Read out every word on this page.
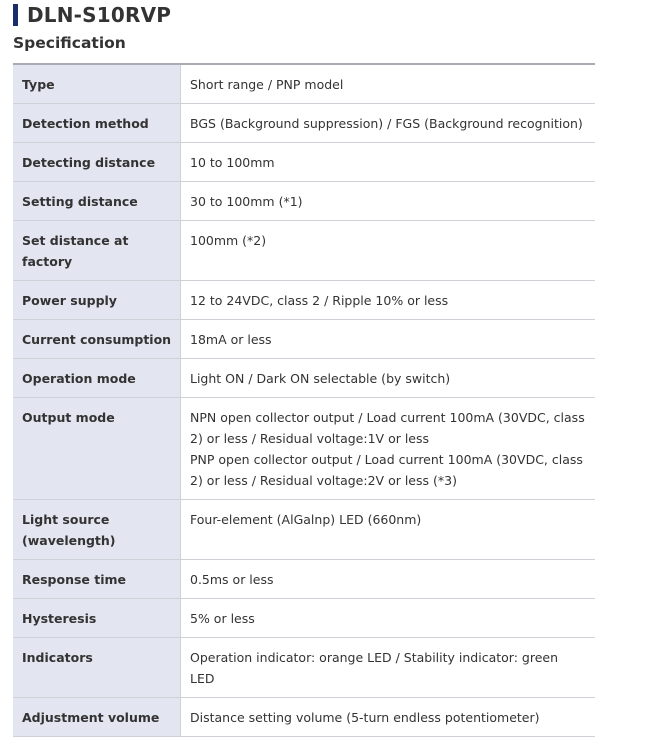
DLN-S10RVP
Specification
Type	Short range / PNP model
Detection method	BGS (Background suppression) / FGS (Background recognition)
Detecting distance	10 to 100mm
Setting distance	30 to 100mm (*1)
Set distance at factory	100mm (*2)
Power supply	12 to 24VDC, class 2 / Ripple 10% or less
Current consumption	18mA or less
Operation mode	Light ON / Dark ON selectable (by switch)
Output mode	NPN open collector output / Load current 100mA (30VDC, class 2) or less / Residual voltage:1V or less
PNP open collector output / Load current 100mA (30VDC, class 2) or less / Residual voltage:2V or less (*3)
Light source (wavelength)	Four-element (AlGalnp) LED (660nm)
Response time	0.5ms or less
Hysteresis	5% or less
Indicators	Operation indicator: orange LED / Stability indicator: green LED
Adjustment volume	Distance setting volume (5-turn endless potentiometer)
